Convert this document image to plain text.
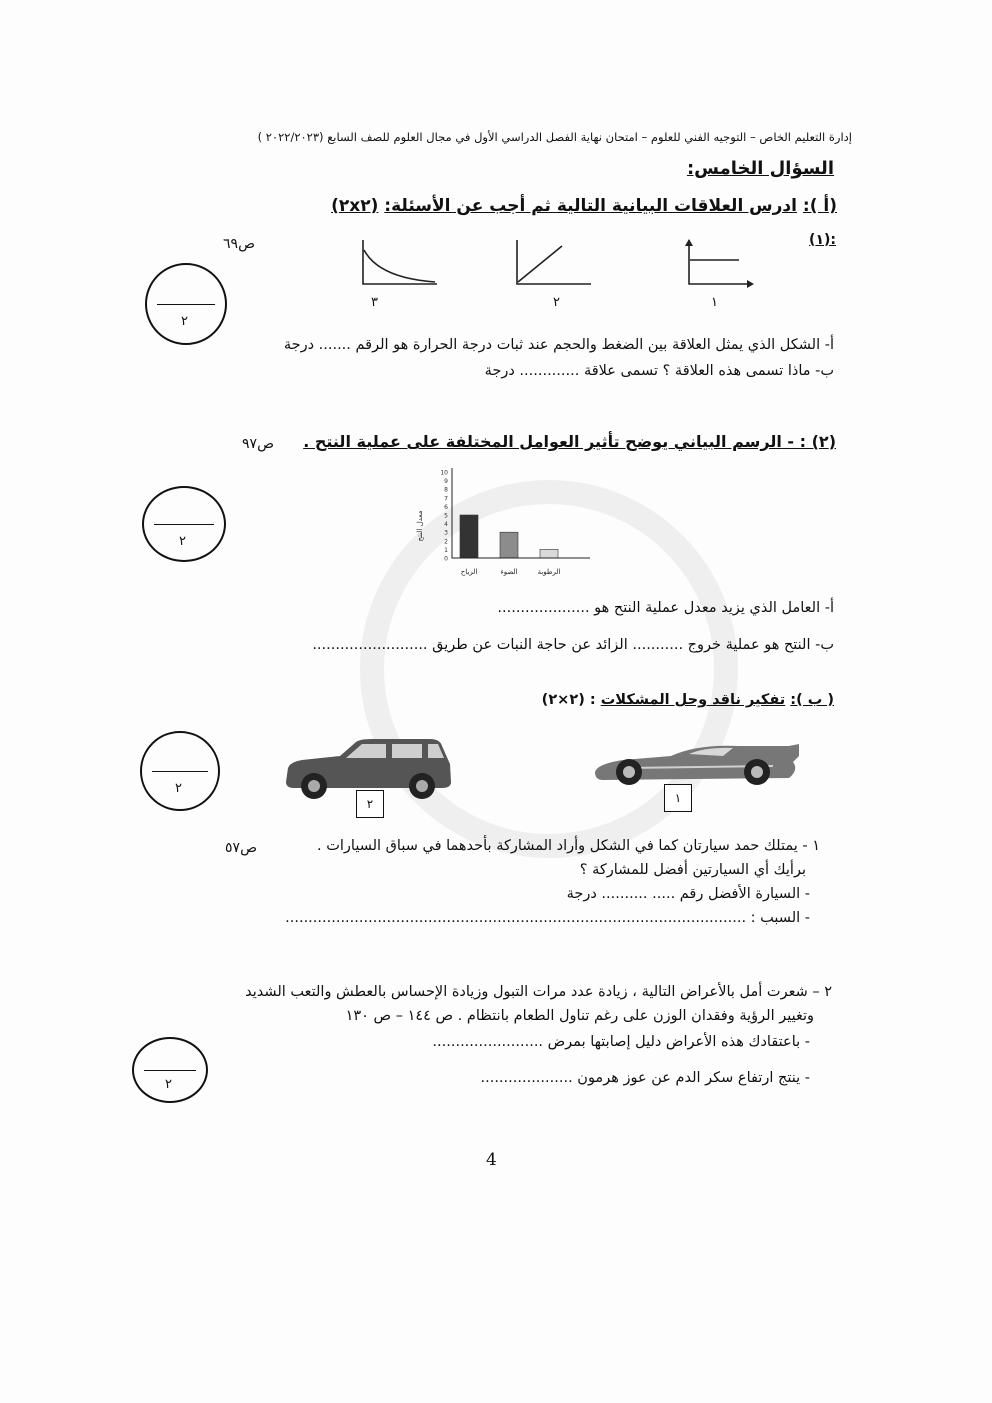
إدارة التعليم الخاص – التوجيه الفني للعلوم – امتحان نهاية الفصل الدراسي الأول في مجال العلوم للصف السابع (٢٠٢٢/٢٠٢٣ )
السؤال الخامس:
(أ ): ادرس العلاقات البيانية التالية ثم أجب عن الأسئلة: (٢x٢)
:(١)
ص٦٩
٣	٢	١
٢
أ- الشكل الذي يمثل العلاقة بين الضغط والحجم عند ثبات درجة الحرارة هو الرقم ....... درجة
ب- ماذا تسمى هذه العلاقة ؟ تسمى علاقة ............. درجة
(٢) : - الرسم البياني يوضح تأثير العوامل المختلفة على عملية النتح .
ص٩٧
٢
معدل النتح
0
1
2
3
4
5
6
7
8
9
10
الرياح	الضوء	الرطوبة
أ- العامل الذي يزيد معدل عملية النتح هو ....................
ب- النتح هو عملية خروج ........... الزائد عن حاجة النبات عن طريق .........................
( ب ): تفكير ناقد وحل المشكلات : (٢×٢)
٢
٢	١
١ - يمتلك حمد سيارتان كما في الشكل وأراد المشاركة بأحدهما في سباق السيارات .
ص٥٧
برأيك أي السيارتين أفضل للمشاركة ؟
- السيارة الأفضل رقم ..... .......... درجة
- السبب : ....................................................................................................
٢ – شعرت أمل بالأعراض التالية ، زيادة عدد مرات التبول وزيادة الإحساس بالعطش والتعب الشديد
وتغيير الرؤية وفقدان الوزن على رغم تناول الطعام بانتظام . ص ١٤٤ – ص ١٣٠
- باعتقادك هذه الأعراض دليل إصابتها بمرض ........................
- ينتج ارتفاع سكر الدم عن عوز هرمون ....................
٢
4
